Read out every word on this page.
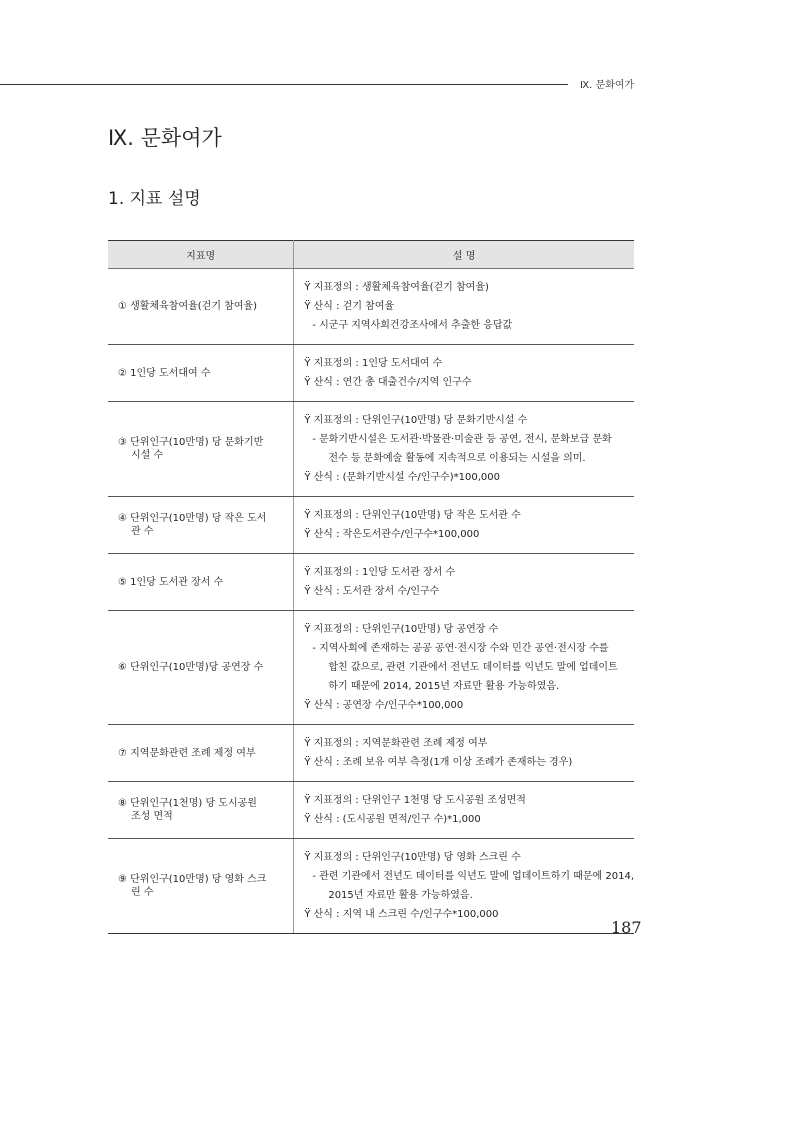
Ⅸ. 문화여가
Ⅸ. 문화여가
1. 지표 설명
지표명	설 명

① 생활체육참여율(걷기 참여율)	Ÿ 지표정의 : 생활체육참여율(걷기 참여율)
Ÿ 산식 : 걷기 참여율
- 시군구 지역사회건강조사에서 추출한 응답값

② 1인당 도서대여 수	Ÿ 지표정의 : 1인당 도서대여 수
Ÿ 산식 : 연간 총 대출건수/지역 인구수

③ 단위인구(10만명) 당 문화기반
시설 수	Ÿ 지표정의 : 단위인구(10만명) 당 문화기반시설 수
- 문화기반시설은 도서관·박물관·미술관 등 공연, 전시, 문화보급 문화
전수 등 문화예술 활동에 지속적으로 이용되는 시설을 의미.
Ÿ 산식 : (문화기반시설 수/인구수)*100,000

④ 단위인구(10만명) 당 작은 도서
관 수	Ÿ 지표정의 : 단위인구(10만명) 당 작은 도서관 수
Ÿ 산식 : 작은도서관수/인구수*100,000

⑤ 1인당 도서관 장서 수	Ÿ 지표정의 : 1인당 도서관 장서 수
Ÿ 산식 : 도서관 장서 수/인구수

⑥ 단위인구(10만명)당 공연장 수	Ÿ 지표정의 : 단위인구(10만명) 당 공연장 수
- 지역사회에 존재하는 공공 공연·전시장 수와 민간 공연·전시장 수를
합친 값으로, 관련 기관에서 전년도 데이터를 익년도 말에 업데이트
하기 때문에 2014, 2015년 자료만 활용 가능하였음.
Ÿ 산식 : 공연장 수/인구수*100,000

⑦ 지역문화관련 조례 제정 여부	Ÿ 지표정의 : 지역문화관련 조례 제정 여부
Ÿ 산식 : 조례 보유 여부 측정(1개 이상 조례가 존재하는 경우)

⑧ 단위인구(1천명) 당 도시공원
조성 면적	Ÿ 지표정의 : 단위인구 1천명 당 도시공원 조성면적
Ÿ 산식 : (도시공원 면적/인구 수)*1,000

⑨ 단위인구(10만명) 당 영화 스크
린 수	Ÿ 지표정의 : 단위인구(10만명) 당 영화 스크린 수
- 관련 기관에서 전년도 데이터를 익년도 말에 업데이트하기 때문에 2014,
2015년 자료만 활용 가능하였음.
Ÿ 산식 : 지역 내 스크린 수/인구수*100,000
187
